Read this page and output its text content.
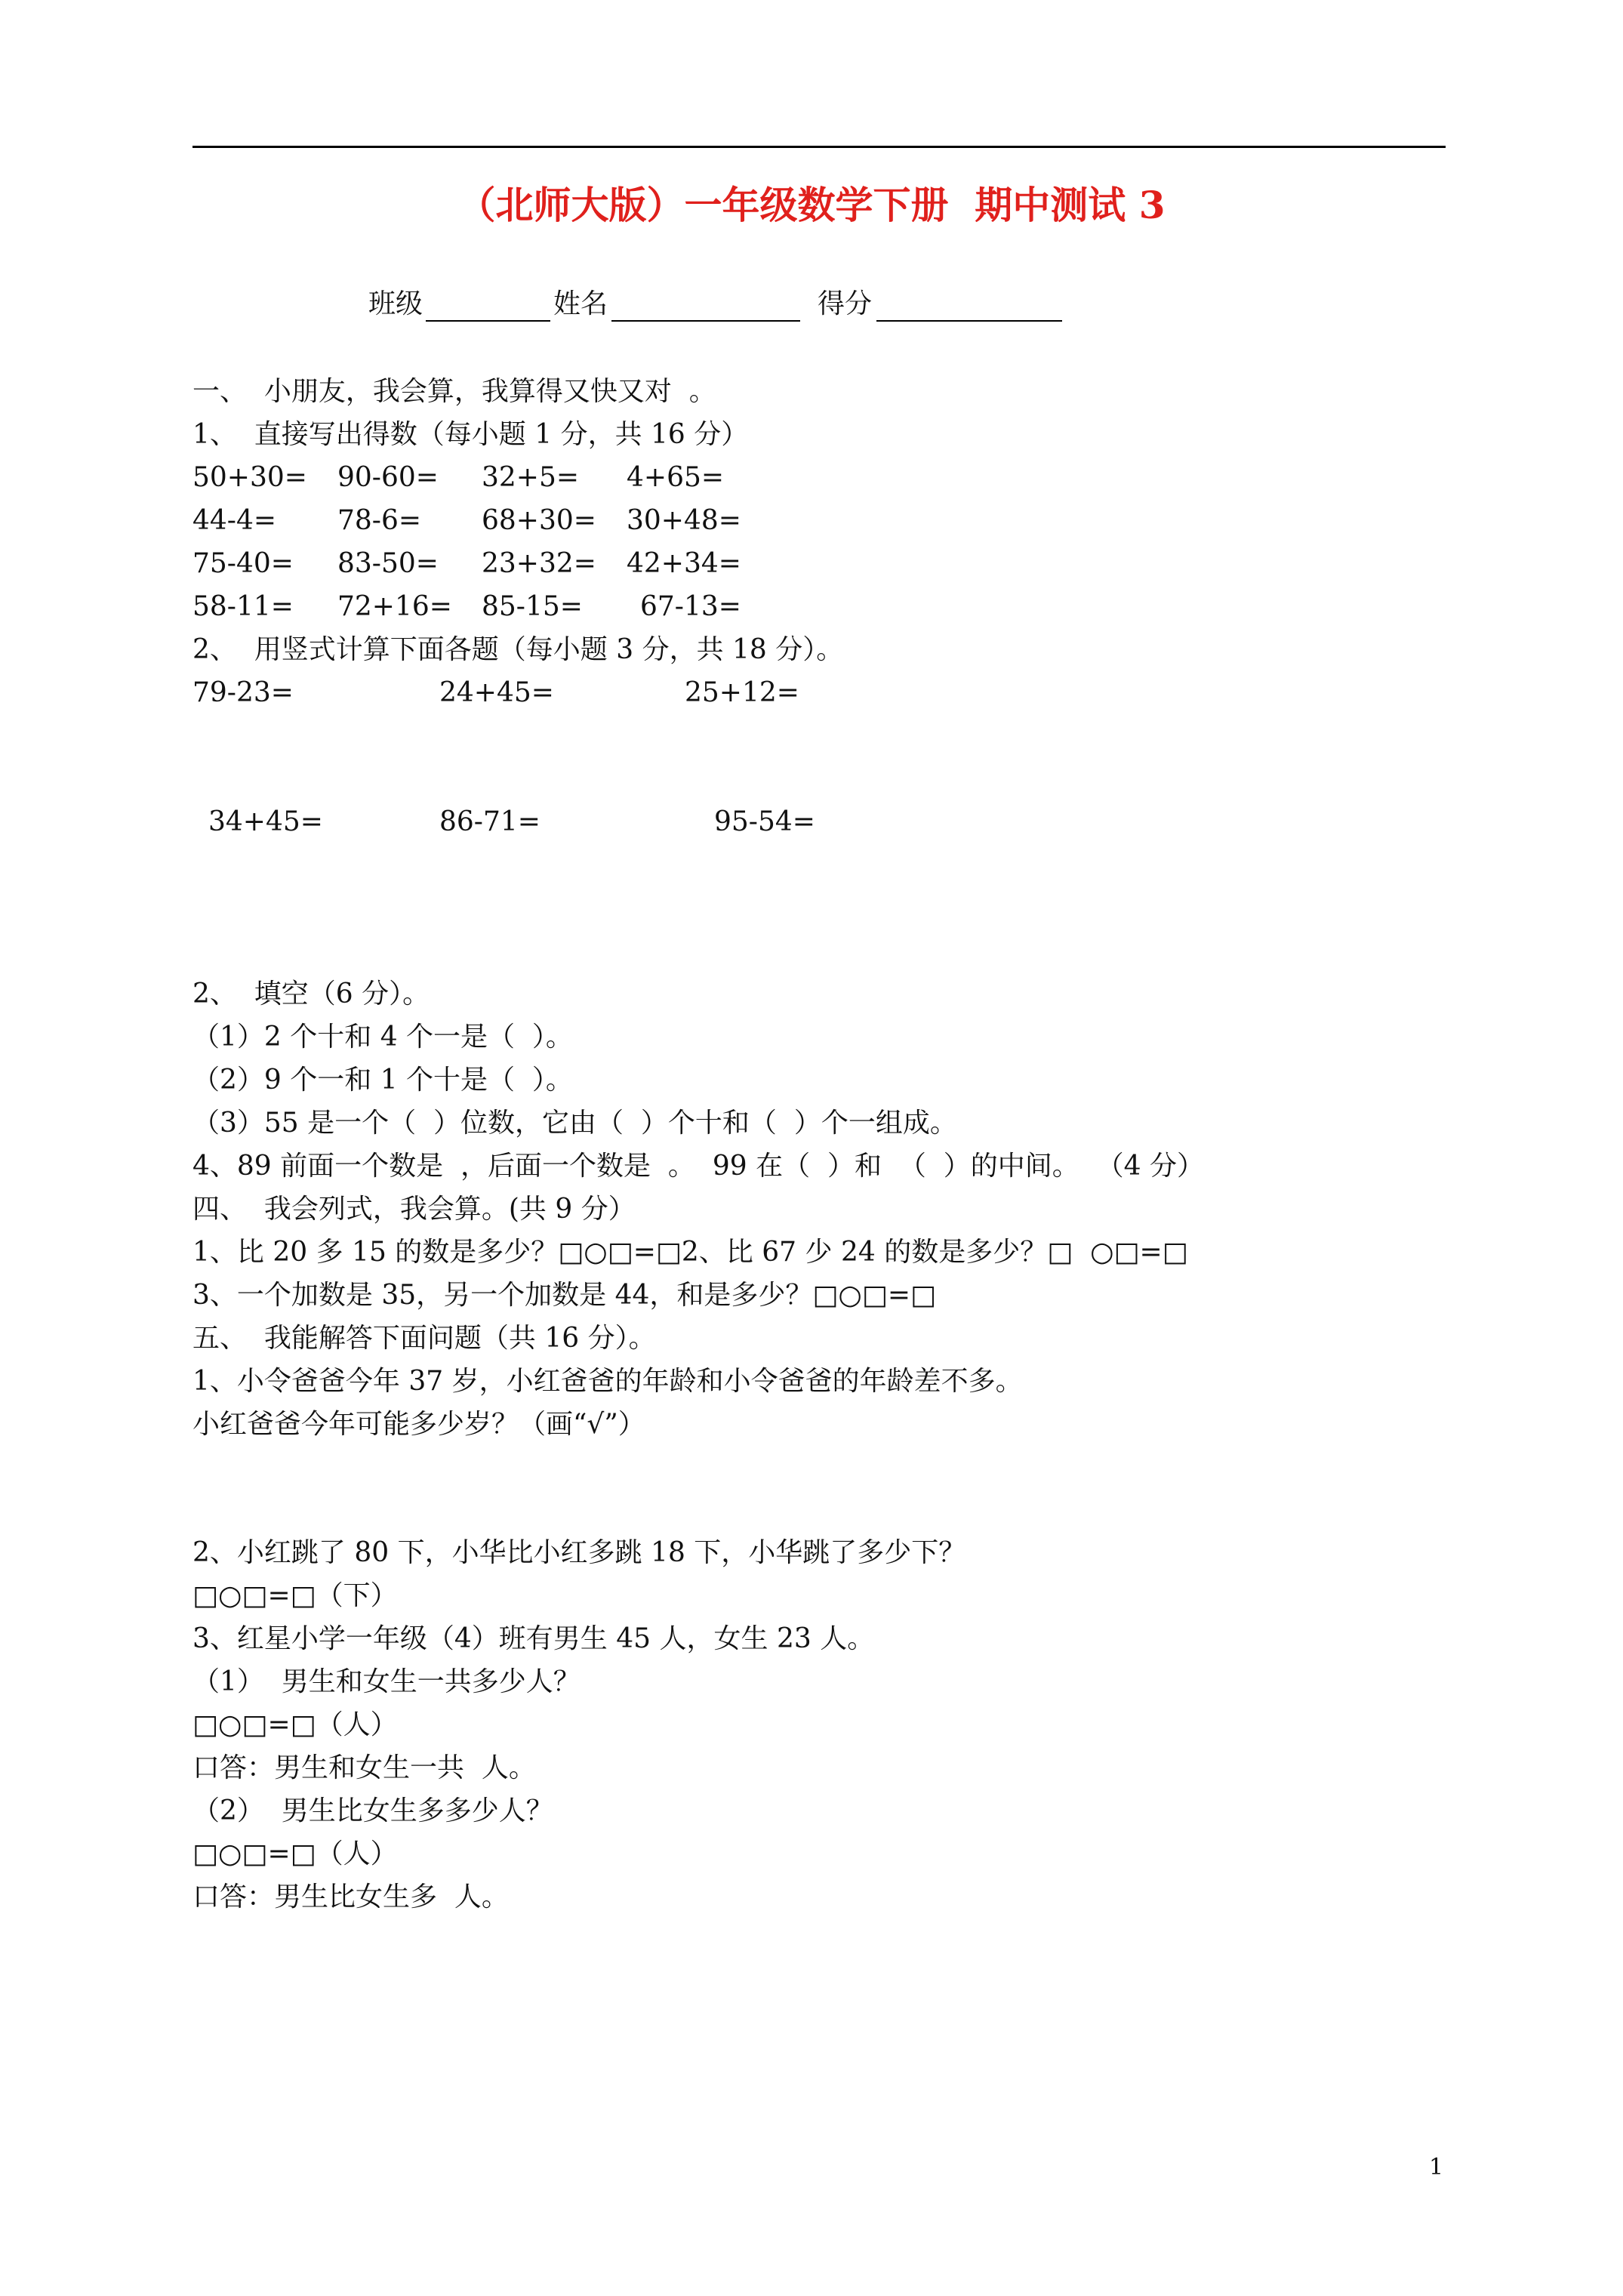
（北师大版）一年级数学下册  期中测试 3
班级	姓名	得分
一、  小朋友，我会算，我算得又快又对  。
1、  直接写出得数（每小题 1 分，共 16 分）
50+30= 90-60= 32+5= 4+65=
44-4= 78-6= 68+30= 30+48=
75-40= 83-50= 23+32= 42+34=
58-11= 72+16= 85-15= 67-13=
2、  用竖式计算下面各题（每小题 3 分，共 18 分）。
79-23=	24+45=	25+12=
34+45=	86-71=	95-54=
2、  填空（6 分）。
（1）2 个十和 4 个一是（  ）。
（2）9 个一和 1 个十是（  ）。
（3）55 是一个（  ）位数，它由（  ）个十和（  ）个一组成。
4、89 前面一个数是  ，后面一个数是  。  99 在（  ）和  （  ）的中间。  （4 分）
四、  我会列式，我会算。(共 9 分）
1、比 20 多 15 的数是多少？□○□=□2、比 67 少 24 的数是多少？□  ○□=□
3、一个加数是 35，另一个加数是 44，和是多少？□○□=□
五、  我能解答下面问题（共 16 分）。
1、小令爸爸今年 37 岁，小红爸爸的年龄和小令爸爸的年龄差不多。
小红爸爸今年可能多少岁？（画“√”）
2、小红跳了 80 下，小华比小红多跳 18 下，小华跳了多少下？
□○□=□（下）
3、红星小学一年级（4）班有男生 45 人，女生 23 人。
（1）  男生和女生一共多少人？
□○□=□（人）
口答：男生和女生一共  人。
（2）  男生比女生多多少人？
□○□=□（人）
口答：男生比女生多  人。
1
